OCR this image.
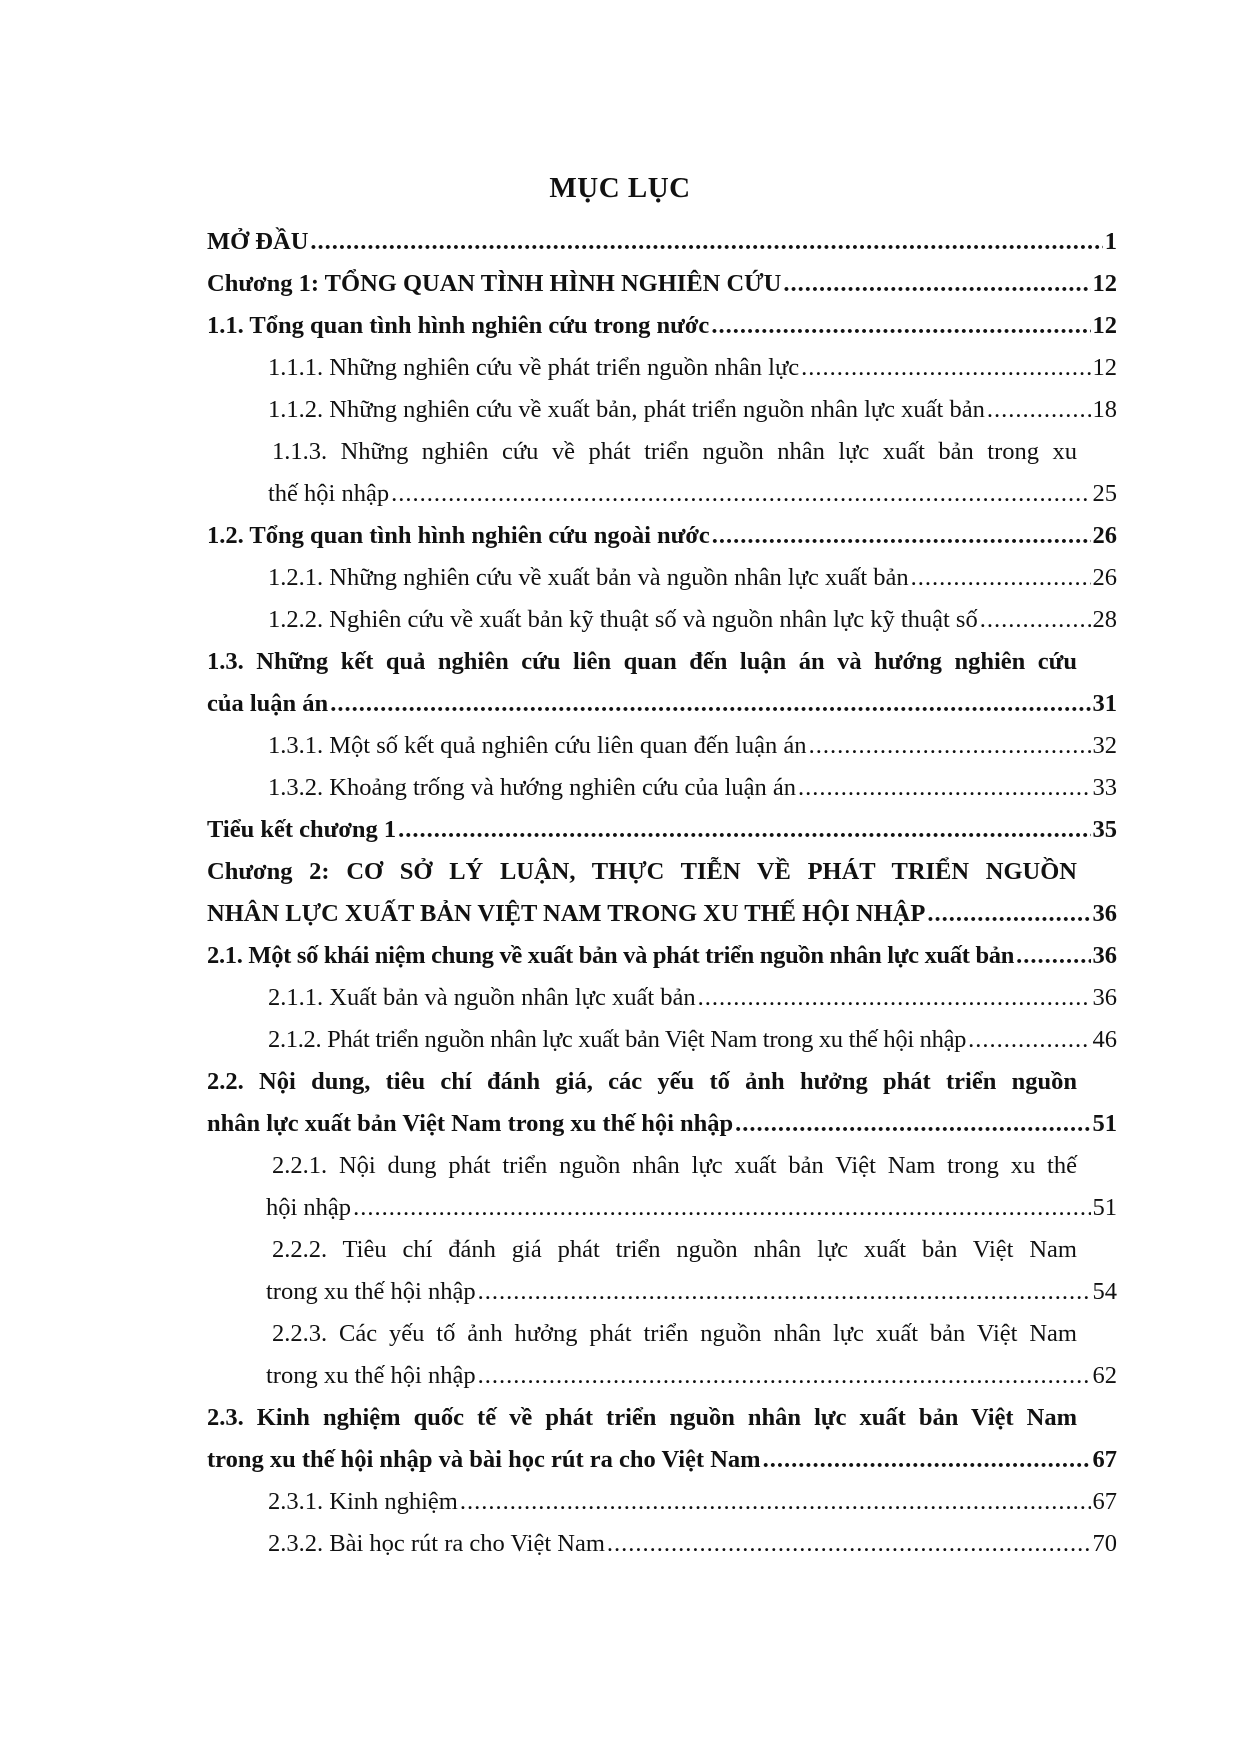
MỤC LỤC
MỞ ĐẦU .....	1
Chương 1: TỔNG QUAN TÌNH HÌNH NGHIÊN CỨU .....	12
1.1. Tổng quan tình hình nghiên cứu trong nước .....	12
1.1.1. Những nghiên cứu về phát triển nguồn nhân lực .....	12
1.1.2. Những nghiên cứu về xuất bản, phát triển nguồn nhân lực xuất bản .....	18
1.1.3. Những nghiên cứu về phát triển nguồn nhân lực xuất bản trong xu
thế hội nhập .....	25
1.2. Tổng quan tình hình nghiên cứu ngoài nước .....	26
1.2.1. Những nghiên cứu về xuất bản và nguồn nhân lực xuất bản .....	26
1.2.2. Nghiên cứu về xuất bản kỹ thuật số và nguồn nhân lực kỹ thuật số .....	28
1.3. Những kết quả nghiên cứu liên quan đến luận án và hướng nghiên cứu
của luận án .....	31
1.3.1. Một số kết quả nghiên cứu liên quan đến luận án .....	32
1.3.2. Khoảng trống và hướng nghiên cứu của luận án .....	33
Tiểu kết chương 1 .....	35
Chương 2: CƠ SỞ LÝ LUẬN, THỰC TIỄN VỀ PHÁT TRIỂN NGUỒN
NHÂN LỰC XUẤT BẢN VIỆT NAM TRONG XU THẾ HỘI NHẬP .....	36
2.1. Một số khái niệm chung về xuất bản và phát triển nguồn nhân lực xuất bản .....	36
2.1.1. Xuất bản và nguồn nhân lực xuất bản .....	36
2.1.2. Phát triển nguồn nhân lực xuất bản Việt Nam trong xu thế hội nhập .....	46
2.2. Nội dung, tiêu chí đánh giá, các yếu tố ảnh hưởng phát triển nguồn
nhân lực xuất bản Việt Nam trong xu thế hội nhập .....	51
2.2.1. Nội dung phát triển nguồn nhân lực xuất bản Việt Nam trong xu thế
hội nhập .....	51
2.2.2. Tiêu chí đánh giá phát triển nguồn nhân lực xuất bản Việt Nam
trong xu thế hội nhập .....	54
2.2.3. Các yếu tố ảnh hưởng phát triển nguồn nhân lực xuất bản Việt Nam
trong xu thế hội nhập .....	62
2.3. Kinh nghiệm quốc tế về phát triển nguồn nhân lực xuất bản Việt Nam
trong xu thế hội nhập và bài học rút ra cho Việt Nam .....	67
2.3.1. Kinh nghiệm .....	67
2.3.2. Bài học rút ra cho Việt Nam .....	70
